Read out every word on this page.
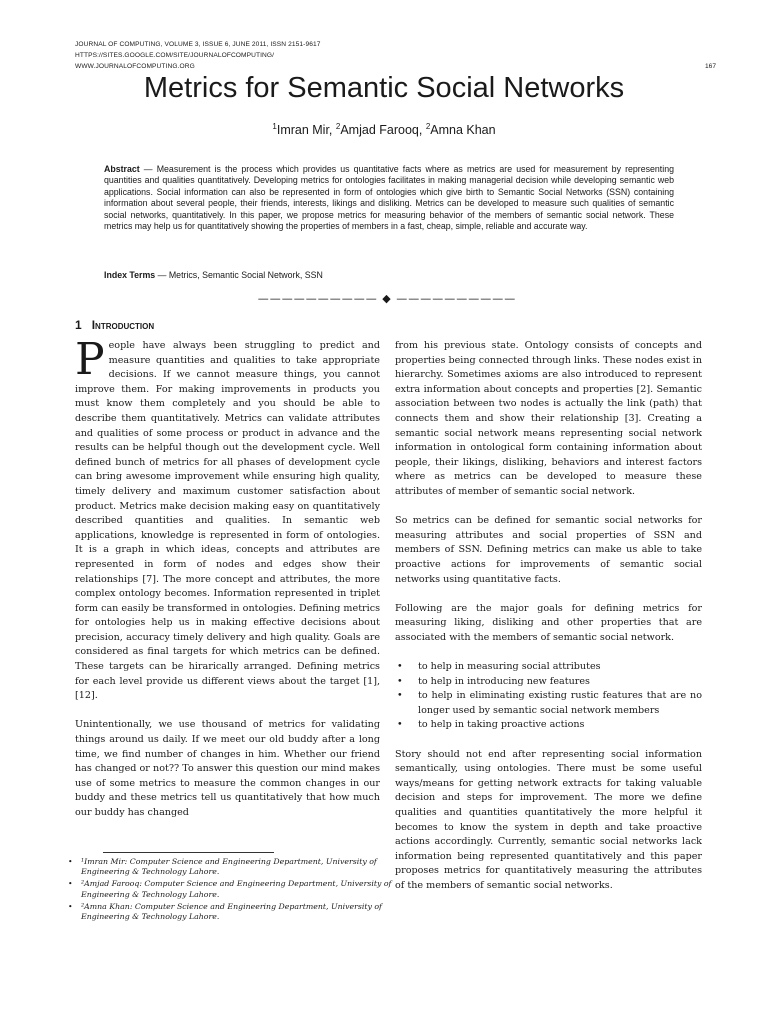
JOURNAL OF COMPUTING, VOLUME 3, ISSUE 6, JUNE 2011, ISSN 2151-9617
HTTPS://SITES.GOOGLE.COM/SITE/JOURNALOFCOMPUTING/
WWW.JOURNALOFCOMPUTING.ORG	167
Metrics for Semantic Social Networks
$^1$Imran Mir, $^2$Amjad Farooq, $^2$Amna Khan

Abstract — Measurement is the process which provides us quantitative facts where as metrics are used for measurement by representing quantities and qualities quantitatively. Developing metrics for ontologies facilitates in making managerial decision while developing semantic web applications. Social information can also be represented in form of ontologies which give birth to Semantic Social Networks (SSN) containing information about several people, their friends, interests, likings and disliking. Metrics can be developed to measure such qualities of semantic social networks, quantitatively. In this paper, we propose metrics for measuring behavior of the members of semantic social network. These metrics may help us for quantitatively showing the properties of members in a fast, cheap, simple, reliable and accurate way.

Index Terms — Metrics, Semantic Social Network, SSN

—————————— ◆ ——————————
1 Introduction

People have always been struggling to predict and measure quantities and qualities to take appropriate decisions. If we cannot measure things, you cannot improve them. For making improvements in products you must know them completely and you should be able to describe them quantitatively. Metrics can validate attributes and qualities of some process or product in advance and the results can be helpful though out the development cycle. Well defined bunch of metrics for all phases of development cycle can bring awesome improvement while ensuring high quality, timely delivery and maximum customer satisfaction about product. Metrics make decision making easy on quantitatively described quantities and qualities. In semantic web applications, knowledge is represented in form of ontologies. It is a graph in which ideas, concepts and attributes are represented in form of nodes and edges show their relationships [7]. The more concept and attributes, the more complex ontology becomes. Information represented in triplet form can easily be transformed in ontologies. Defining metrics for ontologies help us in making effective decisions about precision, accuracy timely delivery and high quality. Goals are considered as final targets for which metrics can be defined. These targets can be hirarically arranged. Defining metrics for each level provide us different views about the target [1], [12].

Unintentionally, we use thousand of metrics for validating things around us daily. If we meet our old buddy after a long time, we find number of changes in him. Whether our friend has changed or not?? To answer this question our mind makes use of some metrics to measure the common changes in our buddy and these metrics tell us quantitatively that how much our buddy has changed

from his previous state. Ontology consists of concepts and properties being connected through links. These nodes exist in hierarchy. Sometimes axioms are also introduced to represent extra information about concepts and properties [2]. Semantic association between two nodes is actually the link (path) that connects them and show their relationship [3]. Creating a semantic social network means representing social network information in ontological form containing information about people, their likings, disliking, behaviors and interest factors where as metrics can be developed to measure these attributes of member of semantic social network.

So metrics can be defined for semantic social networks for measuring attributes and social properties of SSN and members of SSN. Defining metrics can make us able to take proactive actions for improvements of semantic social networks using quantitative facts.

Following are the major goals for defining metrics for measuring liking, disliking and other properties that are associated with the members of semantic social network.

• to help in measuring social attributes
• to help in introducing new features
• to help in eliminating existing rustic features that are no longer used by semantic social network members
• to help in taking proactive actions

Story should not end after representing social information semantically, using ontologies. There must be some useful ways/means for getting network extracts for taking valuable decision and steps for improvement. The more we define qualities and quantities quantitatively the more helpful it becomes to know the system in depth and take proactive actions accordingly. Currently, semantic social networks lack information being represented quantitatively and this paper proposes metrics for quantitatively measuring the attributes of the members of semantic social networks.

• ¹Imran Mir: Computer Science and Engineering Department, University of Engineering & Technology Lahore.

• ²Amjad Farooq: Computer Science and Engineering Department, University of Engineering & Technology Lahore.

• ²Amna Khan: Computer Science and Engineering Department, University of Engineering & Technology Lahore.
